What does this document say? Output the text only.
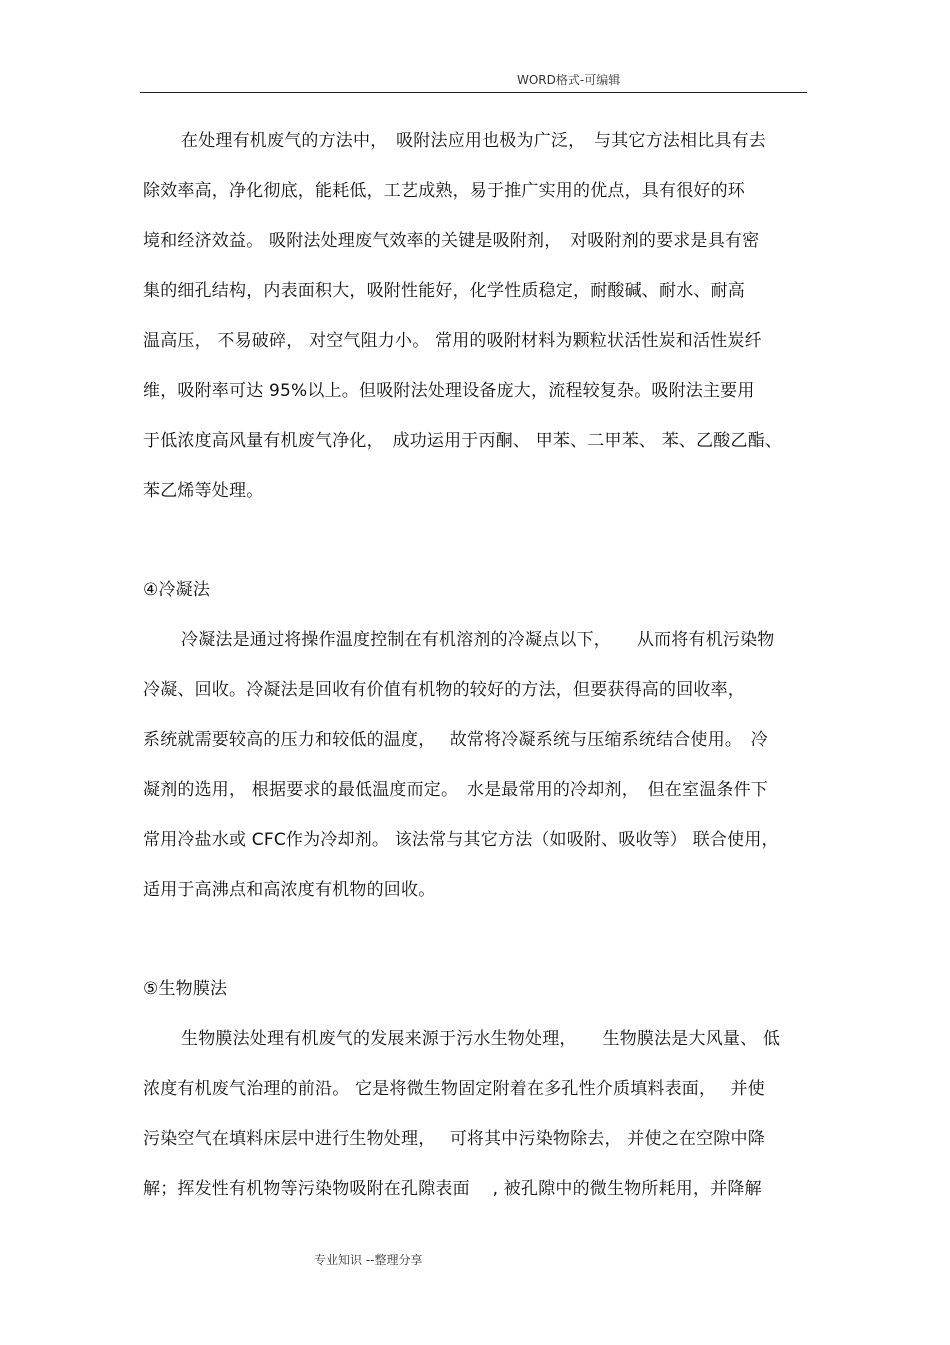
WORD格式-可编辑
在处理有机废气的方法中，　吸附法应用也极为广泛，　与其它方法相比具有去
除效率高，净化彻底，能耗低，工艺成熟，易于推广实用的优点，具有很好的环
境和经济效益。 吸附法处理废气效率的关键是吸附剂，　对吸附剂的要求是具有密
集的细孔结构，内表面积大，吸附性能好，化学性质稳定，耐酸碱、耐水、耐高
温高压， 不易破碎， 对空气阻力小。 常用的吸附材料为颗粒状活性炭和活性炭纤
维，吸附率可达 95%以上。但吸附法处理设备庞大，流程较复杂。吸附法主要用
于低浓度高风量有机废气净化，　成功运用于丙酮、 甲苯、二甲苯、 苯、乙酸乙酯、
苯乙烯等处理。
④冷凝法
冷凝法是通过将操作温度控制在有机溶剂的冷凝点以下，　　从而将有机污染物
冷凝、回收。冷凝法是回收有价值有机物的较好的方法，但要获得高的回收率，
系统就需要较高的压力和较低的温度，　 故常将冷凝系统与压缩系统结合使用。　冷
凝剂的选用， 根据要求的最低温度而定。　水是最常用的冷却剂，　但在室温条件下
常用冷盐水或 CFC作为冷却剂。 该法常与其它方法（如吸附、吸收等） 联合使用，
适用于高沸点和高浓度有机物的回收。
⑤生物膜法
生物膜法处理有机废气的发展来源于污水生物处理，　　生物膜法是大风量、 低
浓度有机废气治理的前沿。 它是将微生物固定附着在多孔性介质填料表面，　 并使
污染空气在填料床层中进行生物处理，　 可将其中污染物除去， 并使之在空隙中降
解；挥发性有机物等污染物吸附在孔隙表面　 , 被孔隙中的微生物所耗用，并降解
专业知识 --整理分享
